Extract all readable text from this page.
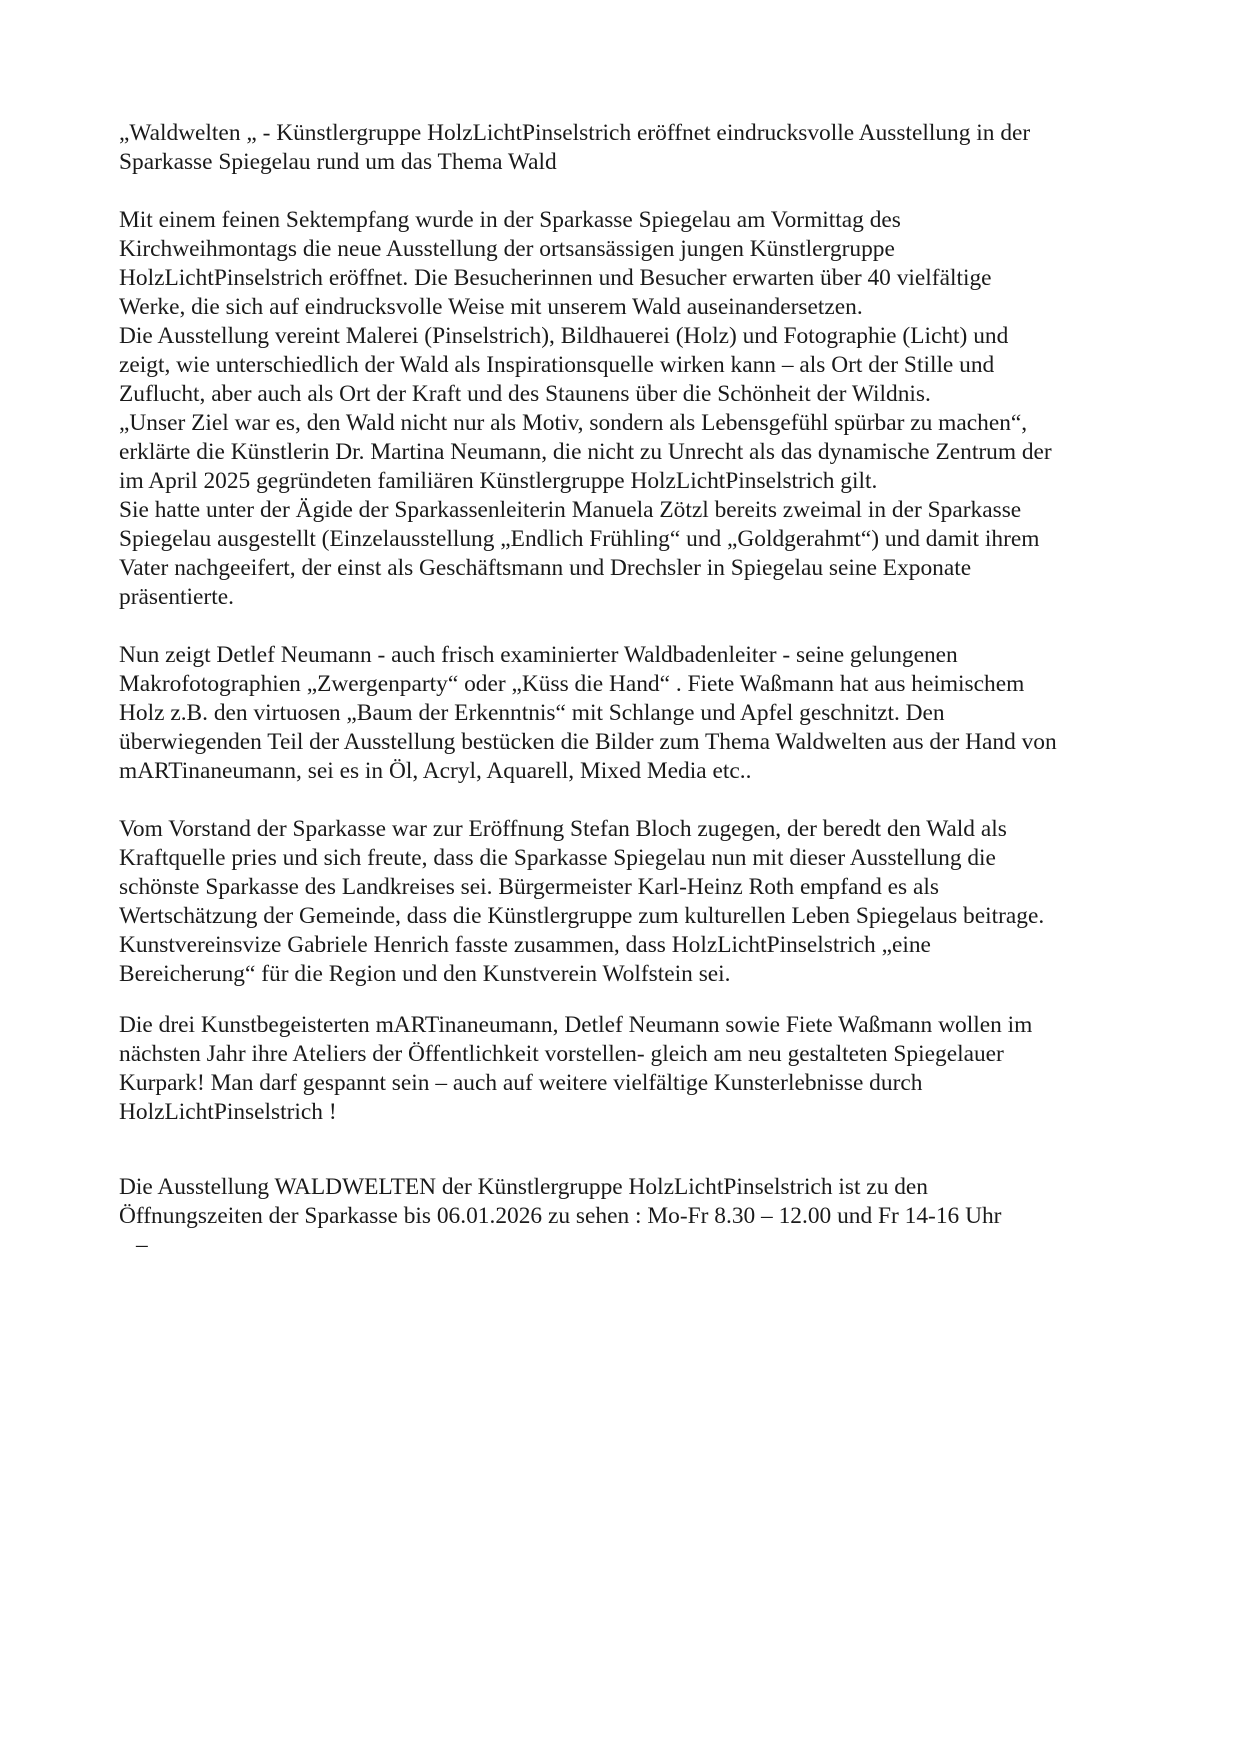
„Waldwelten „ - Künstlergruppe HolzLichtPinselstrich eröffnet eindrucksvolle Ausstellung in der
Sparkasse Spiegelau rund um das Thema Wald
Mit einem feinen Sektempfang wurde in der Sparkasse Spiegelau am Vormittag des
Kirchweihmontags die neue Ausstellung der ortsansässigen jungen Künstlergruppe
HolzLichtPinselstrich eröffnet. Die Besucherinnen und Besucher erwarten über 40 vielfältige
Werke, die sich auf eindrucksvolle Weise mit unserem Wald auseinandersetzen.
Die Ausstellung vereint Malerei (Pinselstrich), Bildhauerei (Holz) und Fotographie (Licht) und
zeigt, wie unterschiedlich der Wald als Inspirationsquelle wirken kann – als Ort der Stille und
Zuflucht, aber auch als Ort der Kraft und des Staunens über die Schönheit der Wildnis.
„Unser Ziel war es, den Wald nicht nur als Motiv, sondern als Lebensgefühl spürbar zu machen“,
erklärte die Künstlerin Dr. Martina Neumann, die nicht zu Unrecht als das dynamische Zentrum der
im April 2025 gegründeten familiären Künstlergruppe HolzLichtPinselstrich gilt.
Sie hatte unter der Ägide der Sparkassenleiterin Manuela Zötzl bereits zweimal in der Sparkasse
Spiegelau ausgestellt (Einzelausstellung „Endlich Frühling“ und „Goldgerahmt“) und damit ihrem
Vater nachgeeifert, der einst als Geschäftsmann und Drechsler in Spiegelau seine Exponate
präsentierte.
Nun zeigt Detlef Neumann - auch frisch examinierter Waldbadenleiter - seine gelungenen
Makrofotographien „Zwergenparty“ oder „Küss die Hand“ . Fiete Waßmann hat aus heimischem
Holz z.B. den virtuosen „Baum der Erkenntnis“ mit Schlange und Apfel geschnitzt. Den
überwiegenden Teil der Ausstellung bestücken die Bilder zum Thema Waldwelten aus der Hand von
mARTinaneumann, sei es in Öl, Acryl, Aquarell, Mixed Media etc..
Vom Vorstand der Sparkasse war zur Eröffnung Stefan Bloch zugegen, der beredt den Wald als
Kraftquelle pries und sich freute, dass die Sparkasse Spiegelau nun mit dieser Ausstellung die
schönste Sparkasse des Landkreises sei. Bürgermeister Karl-Heinz Roth empfand es als
Wertschätzung der Gemeinde, dass die Künstlergruppe zum kulturellen Leben Spiegelaus beitrage.
Kunstvereinsvize Gabriele Henrich fasste zusammen, dass HolzLichtPinselstrich „eine
Bereicherung“ für die Region und den Kunstverein Wolfstein sei.
Die drei Kunstbegeisterten mARTinaneumann, Detlef Neumann sowie Fiete Waßmann wollen im
nächsten Jahr ihre Ateliers der Öffentlichkeit vorstellen- gleich am neu gestalteten Spiegelauer
Kurpark! Man darf gespannt sein – auch auf weitere vielfältige Kunsterlebnisse durch
HolzLichtPinselstrich !
Die Ausstellung WALDWELTEN der Künstlergruppe HolzLichtPinselstrich ist zu den
Öffnungszeiten der Sparkasse bis 06.01.2026 zu sehen : Mo-Fr 8.30 – 12.00 und Fr 14-16 Uhr
–
